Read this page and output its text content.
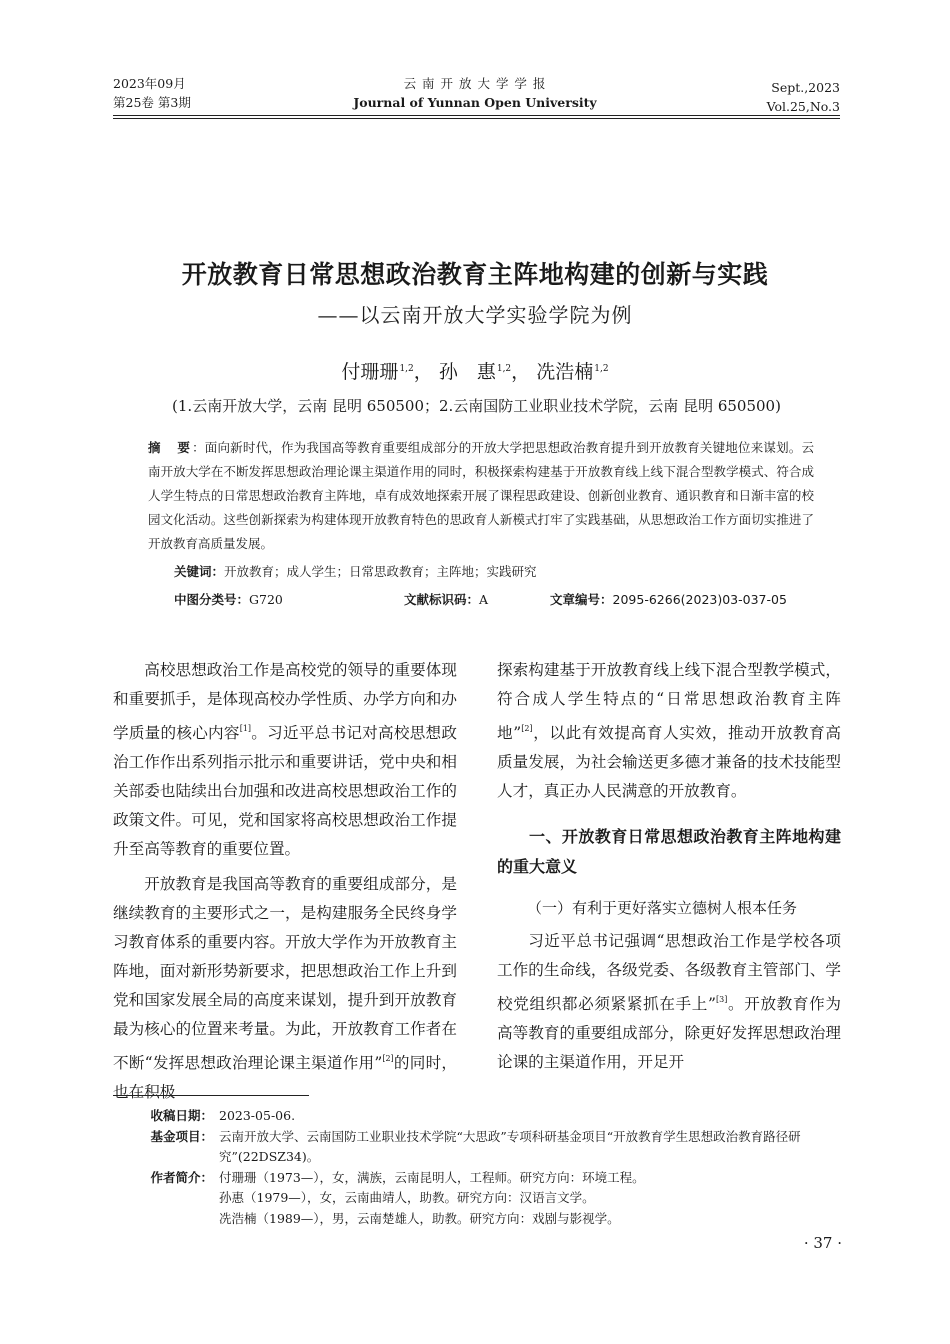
2023年09月
第25卷 第3期
云 南 开 放 大 学 学 报
Journal of Yunnan Open University
Sept.,2023
Vol.25,No.3
开放教育日常思想政治教育主阵地构建的创新与实践
——以云南开放大学实验学院为例
付珊珊$^{1,2}$， 孙　惠$^{1,2}$， 冼浩楠$^{1,2}$
(1.云南开放大学，云南 昆明 650500；2.云南国防工业职业技术学院，云南 昆明 650500)
摘　要：面向新时代，作为我国高等教育重要组成部分的开放大学把思想政治教育提升到开放教育关键地位来谋划。云南开放大学在不断发挥思想政治理论课主渠道作用的同时，积极探索构建基于开放教育线上线下混合型教学模式、符合成人学生特点的日常思想政治教育主阵地，卓有成效地探索开展了课程思政建设、创新创业教育、通识教育和日渐丰富的校园文化活动。这些创新探索为构建体现开放教育特色的思政育人新模式打牢了实践基础，从思想政治工作方面切实推进了开放教育高质量发展。
关键词：开放教育；成人学生；日常思政教育；主阵地；实践研究
中图分类号：G720	文献标识码：A	文章编号：2095-6266(2023)03-037-05

高校思想政治工作是高校党的领导的重要体现和重要抓手，是体现高校办学性质、办学方向和办学质量的核心内容[1]。习近平总书记对高校思想政治工作作出系列指示批示和重要讲话，党中央和相关部委也陆续出台加强和改进高校思想政治工作的政策文件。可见，党和国家将高校思想政治工作提升至高等教育的重要位置。

开放教育是我国高等教育的重要组成部分，是继续教育的主要形式之一，是构建服务全民终身学习教育体系的重要内容。开放大学作为开放教育主阵地，面对新形势新要求，把思想政治工作上升到党和国家发展全局的高度来谋划，提升到开放教育最为核心的位置来考量。为此，开放教育工作者在不断“发挥思想政治理论课主渠道作用”[2]的同时，也在积极

探索构建基于开放教育线上线下混合型教学模式，符合成人学生特点的“日常思想政治教育主阵地”[2]，以此有效提高育人实效，推动开放教育高质量发展，为社会输送更多德才兼备的技术技能型人才，真正办人民满意的开放教育。

一、开放教育日常思想政治教育主阵地构建的重大意义
（一）有利于更好落实立德树人根本任务

习近平总书记强调“思想政治工作是学校各项工作的生命线，各级党委、各级教育主管部门、学校党组织都必须紧紧抓在手上”[3]。开放教育作为高等教育的重要组成部分，除更好发挥思想政治理论课的主渠道作用，开足开

收稿日期： 2023-05-06.
基金项目： 云南开放大学、云南国防工业职业技术学院“大思政”专项科研基金项目“开放教育学生思想政治教育路径研究”(22DSZ34)。
作者简介： 付珊珊（1973—），女，满族，云南昆明人，工程师。研究方向：环境工程。
孙惠（1979—），女，云南曲靖人，助教。研究方向：汉语言文学。
冼浩楠（1989—），男，云南楚雄人，助教。研究方向：戏剧与影视学。
· 37 ·
